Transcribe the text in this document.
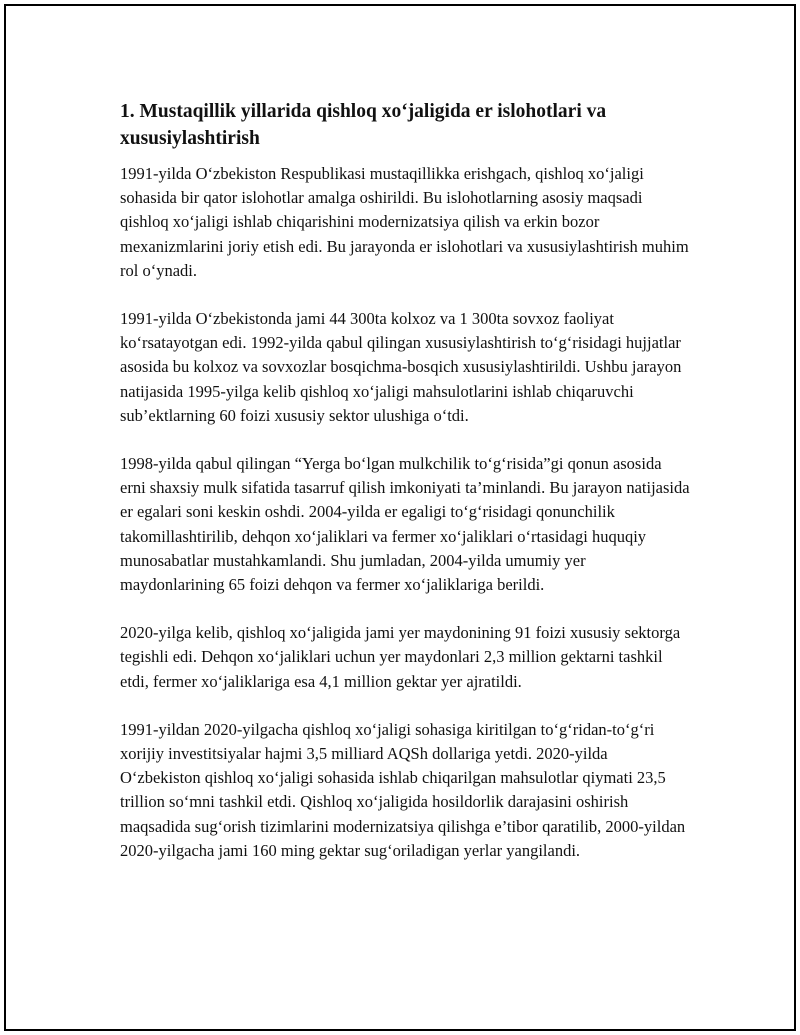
1. Mustaqillik yillarida qishloq xo‘jaligida er islohotlari va xususiylashtirish

1991-yilda O‘zbekiston Respublikasi mustaqillikka erishgach, qishloq xo‘jaligi sohasida bir qator islohotlar amalga oshirildi. Bu islohotlarning asosiy maqsadi qishloq xo‘jaligi ishlab chiqarishini modernizatsiya qilish va erkin bozor mexanizmlarini joriy etish edi. Bu jarayonda er islohotlari va xususiylashtirish muhim rol o‘ynadi.

1991-yilda O‘zbekistonda jami 44 300ta kolxoz va 1 300ta sovxoz faoliyat ko‘rsatayotgan edi. 1992-yilda qabul qilingan xususiylashtirish to‘g‘risidagi hujjatlar asosida bu kolxoz va sovxozlar bosqichma-bosqich xususiylashtirildi. Ushbu jarayon natijasida 1995-yilga kelib qishloq xo‘jaligi mahsulotlarini ishlab chiqaruvchi sub’ektlarning 60 foizi xususiy sektor ulushiga o‘tdi.

1998-yilda qabul qilingan “Yerga bo‘lgan mulkchilik to‘g‘risida”gi qonun asosida erni shaxsiy mulk sifatida tasarruf qilish imkoniyati ta’minlandi. Bu jarayon natijasida er egalari soni keskin oshdi. 2004-yilda er egaligi to‘g‘risidagi qonunchilik takomillashtirilib, dehqon xo‘jaliklari va fermer xo‘jaliklari o‘rtasidagi huquqiy munosabatlar mustahkamlandi. Shu jumladan, 2004-yilda umumiy yer maydonlarining 65 foizi dehqon va fermer xo‘jaliklariga berildi.

2020-yilga kelib, qishloq xo‘jaligida jami yer maydonining 91 foizi xususiy sektorga tegishli edi. Dehqon xo‘jaliklari uchun yer maydonlari 2,3 million gektarni tashkil etdi, fermer xo‘jaliklariga esa 4,1 million gektar yer ajratildi.

1991-yildan 2020-yilgacha qishloq xo‘jaligi sohasiga kiritilgan to‘g‘ridan-to‘g‘ri xorijiy investitsiyalar hajmi 3,5 milliard AQSh dollariga yetdi. 2020-yilda O‘zbekiston qishloq xo‘jaligi sohasida ishlab chiqarilgan mahsulotlar qiymati 23,5 trillion so‘mni tashkil etdi. Qishloq xo‘jaligida hosildorlik darajasini oshirish maqsadida sug‘orish tizimlarini modernizatsiya qilishga e’tibor qaratilib, 2000-yildan 2020-yilgacha jami 160 ming gektar sug‘oriladigan yerlar yangilandi.
